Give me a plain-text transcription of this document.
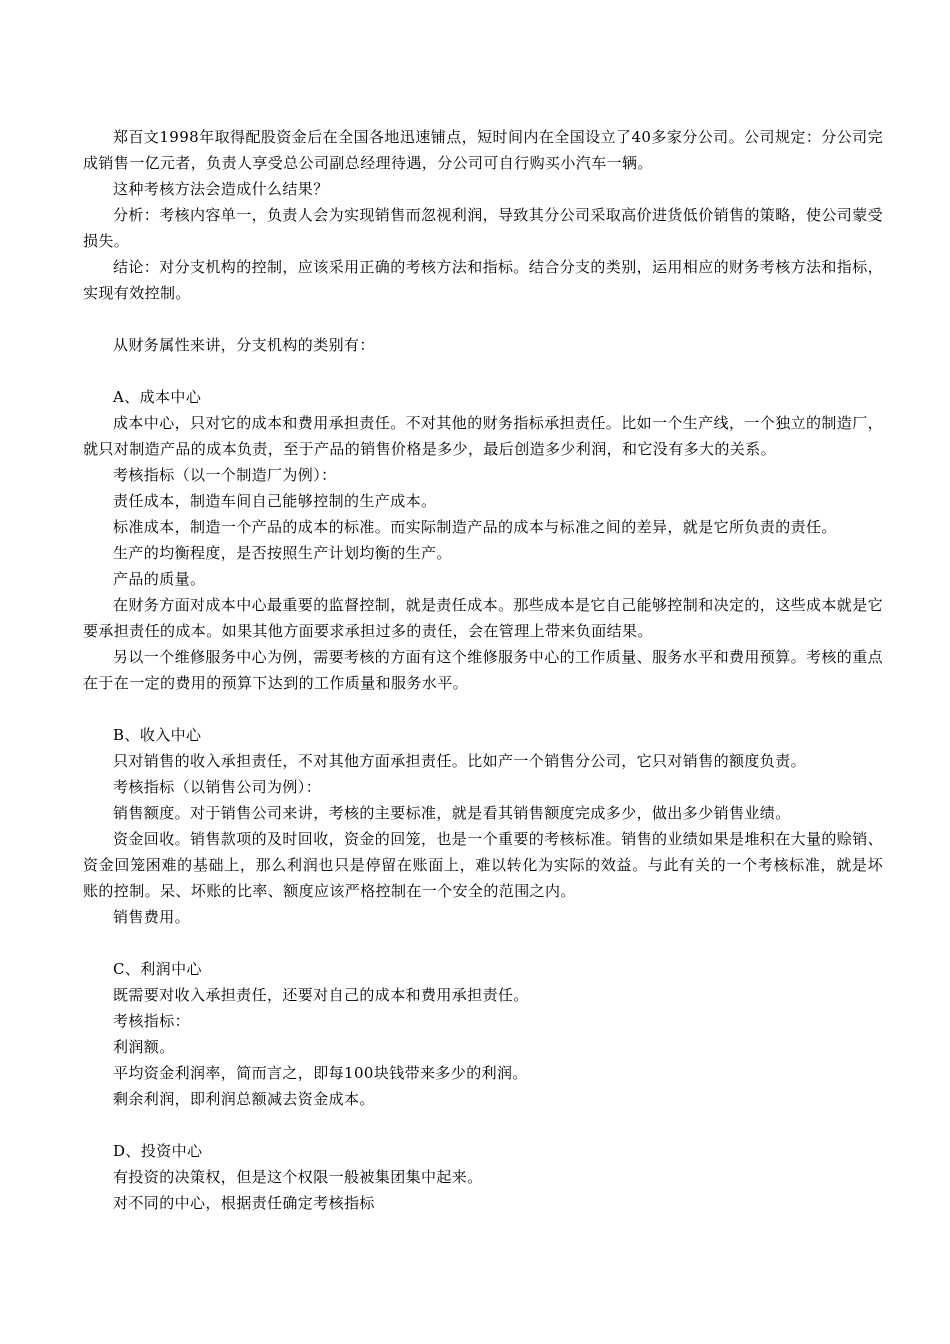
郑百文1998年取得配股资金后在全国各地迅速铺点，短时间内在全国设立了40多家分公司。公司规定：分公司完成销售一亿元者，负责人享受总公司副总经理待遇，分公司可自行购买小汽车一辆。

这种考核方法会造成什么结果？

分析：考核内容单一，负责人会为实现销售而忽视利润，导致其分公司采取高价进货低价销售的策略，使公司蒙受损失。

结论：对分支机构的控制，应该采用正确的考核方法和指标。结合分支的类别，运用相应的财务考核方法和指标，实现有效控制。

从财务属性来讲，分支机构的类别有：

A、成本中心

成本中心，只对它的成本和费用承担责任。不对其他的财务指标承担责任。比如一个生产线，一个独立的制造厂，就只对制造产品的成本负责，至于产品的销售价格是多少，最后创造多少利润，和它没有多大的关系。

考核指标（以一个制造厂为例）：

责任成本，制造车间自己能够控制的生产成本。

标准成本，制造一个产品的成本的标准。而实际制造产品的成本与标准之间的差异，就是它所负责的责任。

生产的均衡程度，是否按照生产计划均衡的生产。

产品的质量。

在财务方面对成本中心最重要的监督控制，就是责任成本。那些成本是它自己能够控制和决定的，这些成本就是它要承担责任的成本。如果其他方面要求承担过多的责任，会在管理上带来负面结果。

另以一个维修服务中心为例，需要考核的方面有这个维修服务中心的工作质量、服务水平和费用预算。考核的重点在于在一定的费用的预算下达到的工作质量和服务水平。

B、收入中心

只对销售的收入承担责任，不对其他方面承担责任。比如产一个销售分公司，它只对销售的额度负责。

考核指标（以销售公司为例）：

销售额度。对于销售公司来讲，考核的主要标准，就是看其销售额度完成多少，做出多少销售业绩。

资金回收。销售款项的及时回收，资金的回笼，也是一个重要的考核标准。销售的业绩如果是堆积在大量的赊销、资金回笼困难的基础上，那么利润也只是停留在账面上，难以转化为实际的效益。与此有关的一个考核标准，就是坏账的控制。呆、坏账的比率、额度应该严格控制在一个安全的范围之内。

销售费用。

C、利润中心

既需要对收入承担责任，还要对自己的成本和费用承担责任。

考核指标：

利润额。

平均资金利润率，简而言之，即每100块钱带来多少的利润。

剩余利润，即利润总额减去资金成本。

D、投资中心

有投资的决策权，但是这个权限一般被集团集中起来。

对不同的中心，根据责任确定考核指标
